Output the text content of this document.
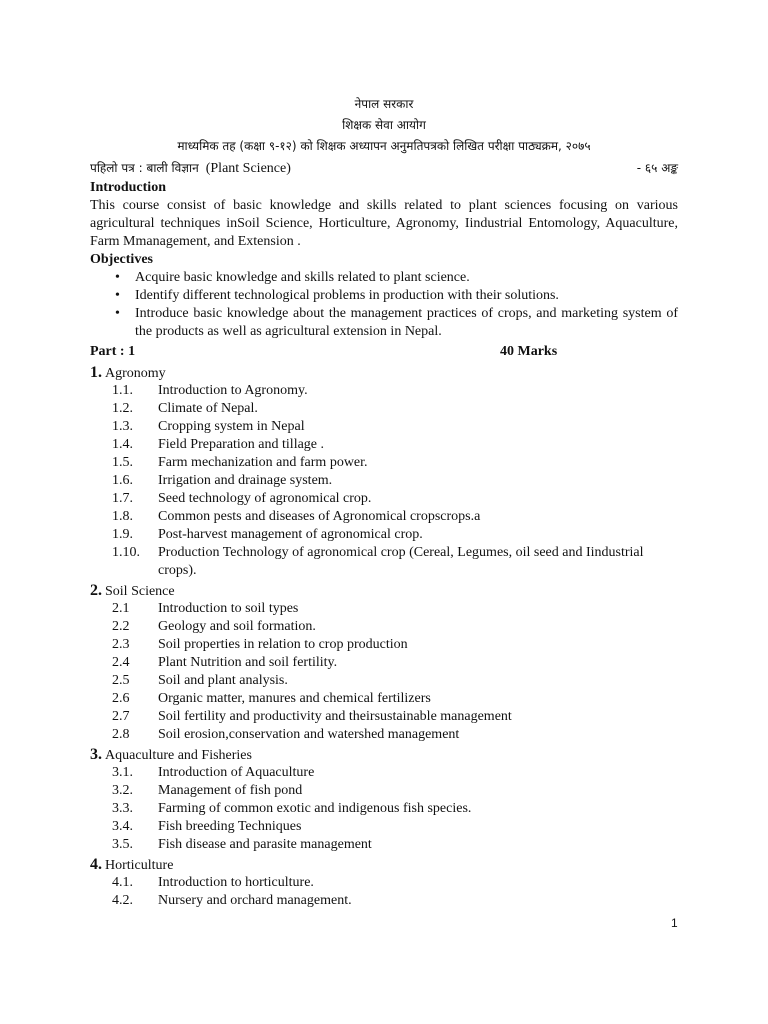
नेपाल सरकार
शिक्षक सेवा आयोग
माध्यमिक तह (कक्षा ९-१२) को शिक्षक अध्यापन अनुमतिपत्रको लिखित परीक्षा पाठ्यक्रम, २०७५
पहिलो पत्र : बाली विज्ञान (Plant Science)	- ६५ अङ्क
Introduction

This course consist of basic knowledge and skills related to plant sciences focusing on various agricultural techniques inSoil Science, Horticulture, Agronomy, Iindustrial Entomology, Aquaculture, Farm Mmanagement, and Extension .

Objectives
• Acquire basic knowledge and skills related to plant science.
• Identify different technological problems in production with their solutions.
• Introduce basic knowledge about the management practices of crops, and marketing system of the products as well as agricultural extension in Nepal.
Part : 1	40 Marks
1. Agronomy
1.1. Introduction to Agronomy.
1.2. Climate of Nepal.
1.3. Cropping system in Nepal
1.4. Field Preparation and tillage .
1.5. Farm mechanization and farm power.
1.6. Irrigation and drainage system.
1.7. Seed technology of agronomical crop.
1.8. Common pests and diseases of Agronomical cropscrops.a
1.9. Post-harvest management of agronomical crop.
1.10. Production Technology of agronomical crop (Cereal, Legumes, oil seed and Iindustrial crops).
2. Soil Science
2.1 Introduction to soil types
2.2 Geology and soil formation.
2.3 Soil properties in relation to crop production
2.4 Plant Nutrition and soil fertility.
2.5 Soil and plant analysis.
2.6 Organic matter, manures and chemical fertilizers
2.7 Soil fertility and productivity and theirsustainable management
2.8 Soil erosion,conservation and watershed management
3. Aquaculture and Fisheries
3.1. Introduction of Aquaculture
3.2. Management of fish pond
3.3. Farming of common exotic and indigenous fish species.
3.4. Fish breeding Techniques
3.5. Fish disease and parasite management
4. Horticulture
4.1. Introduction to horticulture.
4.2. Nursery and orchard management.
1
